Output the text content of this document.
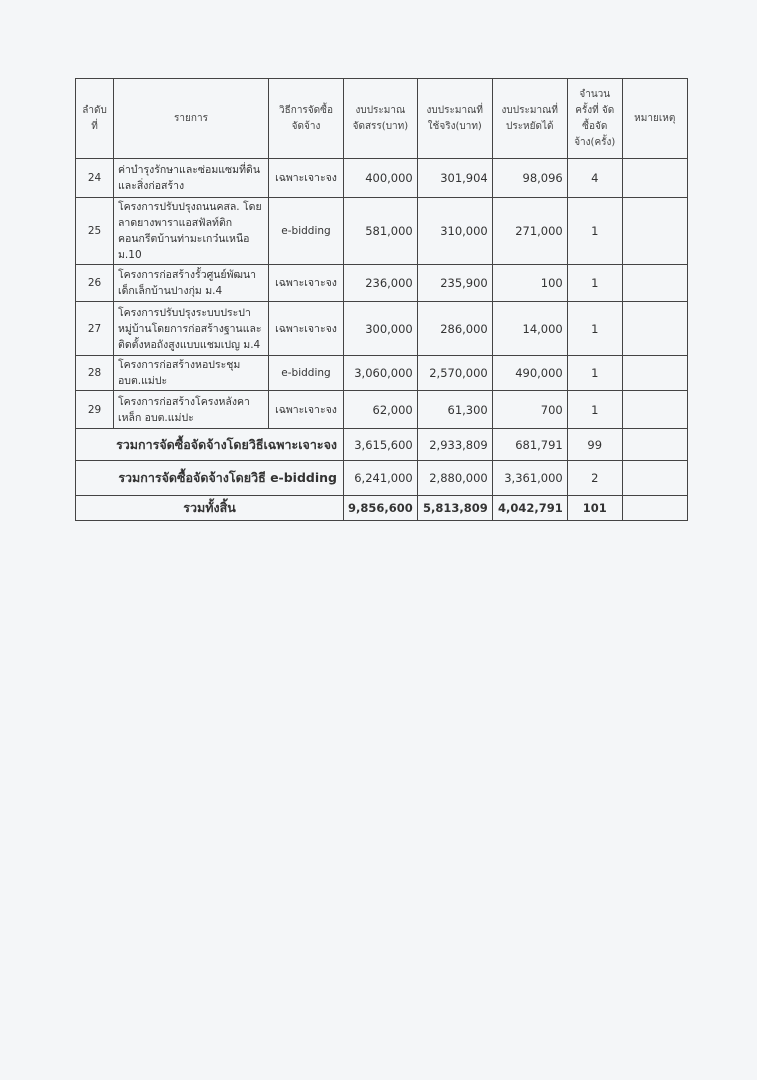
ลำดับ ที่	รายการ	วิธีการจัดซื้อ จัดจ้าง	งบประมาณ จัดสรร(บาท)	งบประมาณที่ ใช้จริง(บาท)	งบประมาณที่ ประหยัดได้	จำนวน ครั้งที่ จัดซื้อจัด จ้าง(ครั้ง)	หมายเหตุ
24	ค่าบำรุงรักษาและซ่อมแซมที่ดินและสิ่งก่อสร้าง	เฉพาะเจาะจง	400,000	301,904	98,096	4	
25	โครงการปรับปรุงถนนคสล. โดยลาดยางพาราแอสฟัลท์ติกคอนกรีตบ้านท่ามะเกว๋นเหนือ ม.10	e-bidding	581,000	310,000	271,000	1	
26	โครงการก่อสร้างรั้วศูนย์พัฒนาเด็กเล็กบ้านปางกุ่ม ม.4	เฉพาะเจาะจง	236,000	235,900	100	1	
27	โครงการปรับปรุงระบบประปาหมู่บ้านโดยการก่อสร้างฐานและติดตั้งหอถังสูงแบบแชมเปญ ม.4	เฉพาะเจาะจง	300,000	286,000	14,000	1	
28	โครงการก่อสร้างหอประชุม อบต.แม่ปะ	e-bidding	3,060,000	2,570,000	490,000	1	
29	โครงการก่อสร้างโครงหลังคาเหล็ก อบต.แม่ปะ	เฉพาะเจาะจง	62,000	61,300	700	1	
รวมการจัดซื้อจัดจ้างโดยวิธีเฉพาะเจาะจง			3,615,600	2,933,809	681,791	99	
รวมการจัดซื้อจัดจ้างโดยวิธี e-bidding			6,241,000	2,880,000	3,361,000	2	
รวมทั้งสิ้น			9,856,600	5,813,809	4,042,791	101	
